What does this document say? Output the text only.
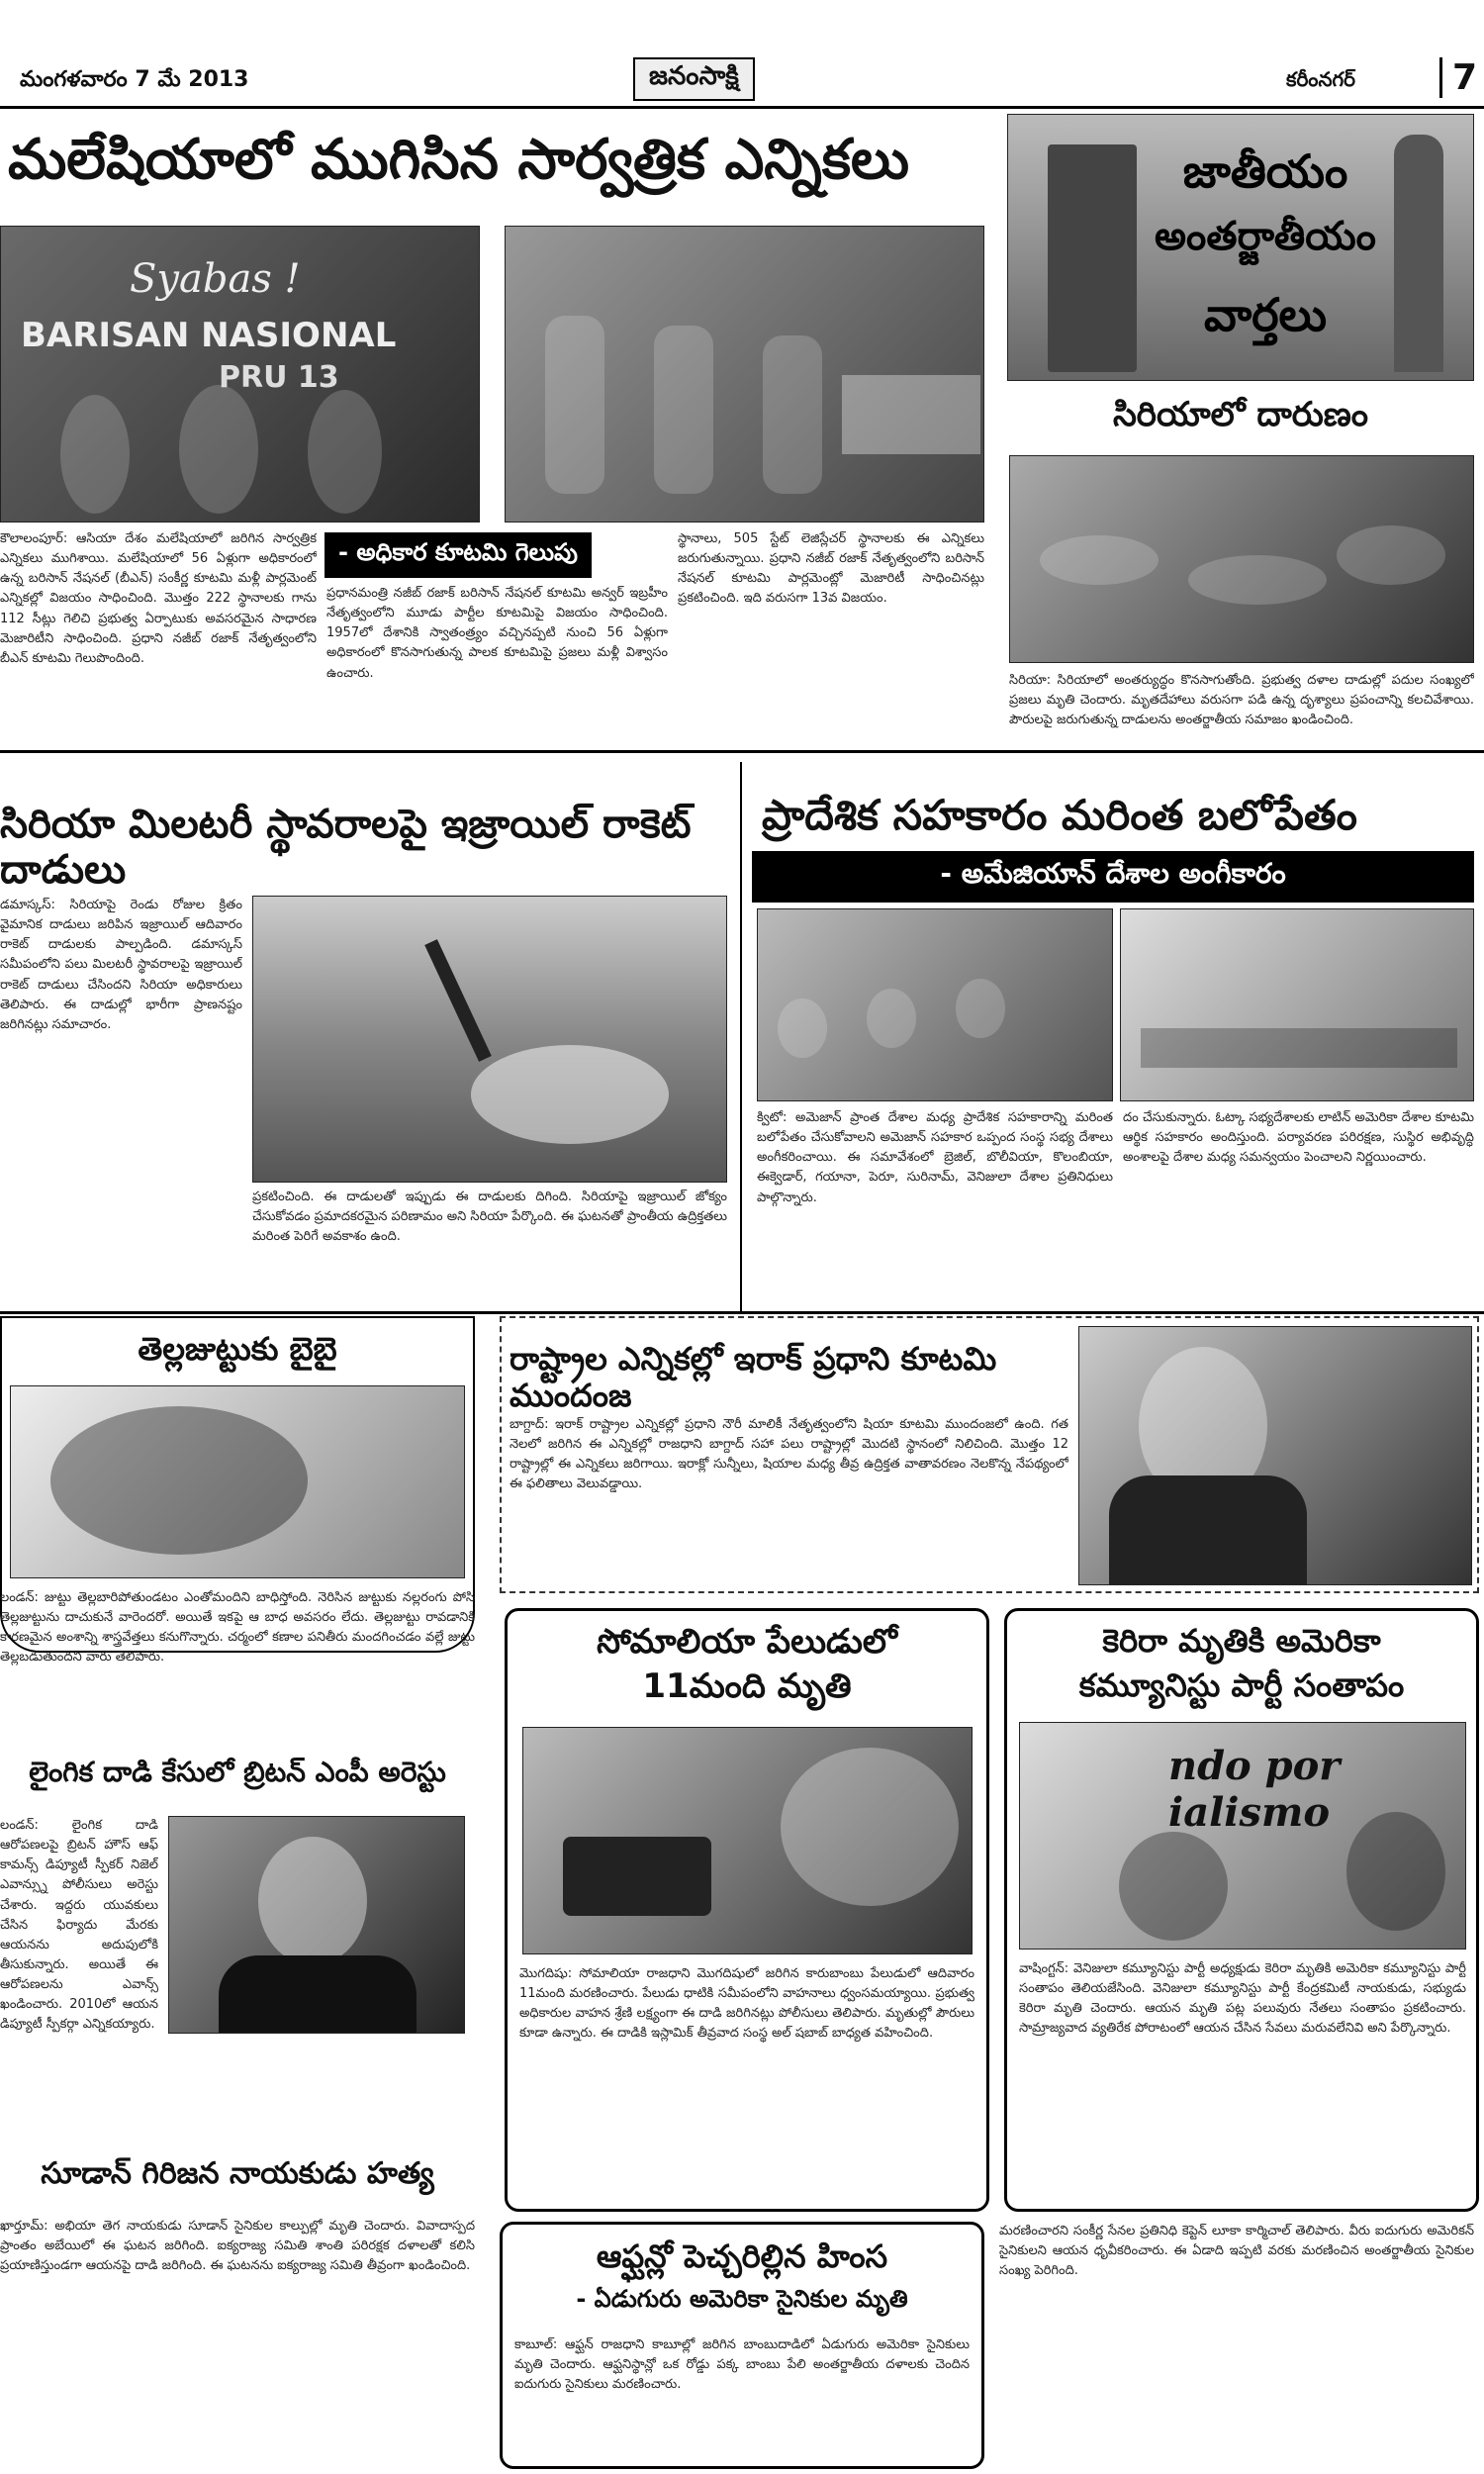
మంగళవారం 7 మే 2013	జనంసాక్షి	కరీంనగర్	7
మలేషియాలో ముగిసిన సార్వత్రిక ఎన్నికలు	జాతీయం
అంతర్జాతీయం
వార్తలు
Syabas !
BARISAN NASIONAL
PRU 13
- అధికార కూటమి గెలుపు
కౌలాలంపూర్: ఆసియా దేశం మలేషియాలో జరిగిన సార్వత్రిక ఎన్నికలు ముగిశాయి. మలేషియాలో 56 ఏళ్లుగా అధికారంలో ఉన్న బరిసాన్ నేషనల్ (బీఎన్) సంకీర్ణ కూటమి మళ్లీ పార్లమెంట్ ఎన్నికల్లో విజయం సాధించింది. మొత్తం 222 స్థానాలకు గాను 112 సీట్లు గెలిచి ప్రభుత్వ ఏర్పాటుకు అవసరమైన సాధారణ మెజారిటీని సాధించింది. ప్రధాని నజీబ్ రజాక్ నేతృత్వంలోని బీఎన్ కూటమి గెలుపొందింది.
ప్రధానమంత్రి నజీబ్ రజాక్ బరిసాన్ నేషనల్ కూటమి అన్వర్ ఇబ్రహీం నేతృత్వంలోని మూడు పార్టీల కూటమిపై విజయం సాధించింది. 1957లో దేశానికి స్వాతంత్ర్యం వచ్చినప్పటి నుంచి 56 ఏళ్లుగా అధికారంలో కొనసాగుతున్న పాలక కూటమిపై ప్రజలు మళ్లీ విశ్వాసం ఉంచారు.
స్థానాలు, 505 స్టేట్ లెజిస్లేచర్ స్థానాలకు ఈ ఎన్నికలు జరుగుతున్నాయి. ప్రధాని నజీబ్ రజాక్ నేతృత్వంలోని బరిసాన్ నేషనల్ కూటమి పార్లమెంట్లో మెజారిటీ సాధించినట్లు ప్రకటించింది. ఇది వరుసగా 13వ విజయం.
సిరియాలో దారుణం
సిరియా: సిరియాలో అంతర్యుద్ధం కొనసాగుతోంది. ప్రభుత్వ దళాల దాడుల్లో పదుల సంఖ్యలో ప్రజలు మృతి చెందారు. మృతదేహాలు వరుసగా పడి ఉన్న దృశ్యాలు ప్రపంచాన్ని కలచివేశాయి. పౌరులపై జరుగుతున్న దాడులను అంతర్జాతీయ సమాజం ఖండించింది.
సిరియా మిలటరీ స్థావరాలపై ఇజ్రాయిల్ రాకెట్ దాడులు
డమాస్కస్: సిరియాపై రెండు రోజుల క్రితం వైమానిక దాడులు జరిపిన ఇజ్రాయిల్ ఆదివారం రాకెట్ దాడులకు పాల్పడింది. డమాస్కస్ సమీపంలోని పలు మిలటరీ స్థావరాలపై ఇజ్రాయిల్ రాకెట్ దాడులు చేసిందని సిరియా అధికారులు తెలిపారు. ఈ దాడుల్లో భారీగా ప్రాణనష్టం జరిగినట్లు సమాచారం.
ప్రకటించింది. ఈ దాడులతో ఇప్పుడు ఈ దాడులకు దిగింది. సిరియాపై ఇజ్రాయిల్ జోక్యం చేసుకోవడం ప్రమాదకరమైన పరిణామం అని సిరియా పేర్కొంది. ఈ ఘటనతో ప్రాంతీయ ఉద్రిక్తతలు మరింత పెరిగే అవకాశం ఉంది.
ప్రాదేశిక సహకారం మరింత బలోపేతం
- అమేజియాన్ దేశాల అంగీకారం
క్విటో: అమెజాన్ ప్రాంత దేశాల మధ్య ప్రాదేశిక సహకారాన్ని మరింత బలోపేతం చేసుకోవాలని అమెజాన్ సహకార ఒప్పంద సంస్థ సభ్య దేశాలు అంగీకరించాయి. ఈ సమావేశంలో బ్రెజిల్, బొలీవియా, కొలంబియా, ఈక్వెడార్, గయానా, పెరూ, సురినామ్, వెనిజులా దేశాల ప్రతినిధులు పాల్గొన్నారు.
దం చేసుకున్నారు. ఓట్కా సభ్యదేశాలకు లాటిన్ అమెరికా దేశాల కూటమి ఆర్థిక సహకారం అందిస్తుంది. పర్యావరణ పరిరక్షణ, సుస్థిర అభివృద్ధి అంశాలపై దేశాల మధ్య సమన్వయం పెంచాలని నిర్ణయించారు.
తెల్లజుట్టుకు బైబై
లండన్: జుట్టు తెల్లబారిపోతుండటం ఎంతోమందిని బాధిస్తోంది. నెరిసిన జుట్టుకు నల్లరంగు పోసి తెల్లజుట్టును దాచుకునే వారెందరో. అయితే ఇకపై ఆ బాధ అవసరం లేదు. తెల్లజుట్టు రావడానికి కారణమైన అంశాన్ని శాస్త్రవేత్తలు కనుగొన్నారు. చర్మంలో కణాల పనితీరు మందగించడం వల్లే జుట్టు తెల్లబడుతుందని వారు తెలిపారు.
రాష్ట్రాల ఎన్నికల్లో ఇరాక్ ప్రధాని కూటమి ముందంజ
బాగ్దాద్: ఇరాక్ రాష్ట్రాల ఎన్నికల్లో ప్రధాని నౌరీ మాలికీ నేతృత్వంలోని షియా కూటమి ముందంజలో ఉంది. గత నెలలో జరిగిన ఈ ఎన్నికల్లో రాజధాని బాగ్దాద్ సహా పలు రాష్ట్రాల్లో మొదటి స్థానంలో నిలిచింది. మొత్తం 12 రాష్ట్రాల్లో ఈ ఎన్నికలు జరిగాయి. ఇరాక్లో సున్నీలు, షియాల మధ్య తీవ్ర ఉద్రిక్తత వాతావరణం నెలకొన్న నేపథ్యంలో ఈ ఫలితాలు వెలువడ్డాయి.
లైంగిక దాడి కేసులో బ్రిటన్ ఎంపీ అరెస్టు
లండన్: లైంగిక దాడి ఆరోపణలపై బ్రిటన్ హౌస్ ఆఫ్ కామన్స్ డిప్యూటీ స్పీకర్ నిజెల్ ఎవాన్స్ను పోలీసులు అరెస్టు చేశారు. ఇద్దరు యువకులు చేసిన ఫిర్యాదు మేరకు ఆయనను అదుపులోకి తీసుకున్నారు. అయితే ఈ ఆరోపణలను ఎవాన్స్ ఖండించారు. 2010లో ఆయన డిప్యూటీ స్పీకర్గా ఎన్నికయ్యారు.
సూడాన్ గిరిజన నాయకుడు హత్య
ఖార్తూమ్: అభియా తెగ నాయకుడు సూడాన్ సైనికుల కాల్పుల్లో మృతి చెందారు. వివాదాస్పద ప్రాంతం అబేయిలో ఈ ఘటన జరిగింది. ఐక్యరాజ్య సమితి శాంతి పరిరక్షక దళాలతో కలిసి ప్రయాణిస్తుండగా ఆయనపై దాడి జరిగింది. ఈ ఘటనను ఐక్యరాజ్య సమితి తీవ్రంగా ఖండించింది.
సోమాలియా పేలుడులో
11మంది మృతి
మొగదిషు: సోమాలియా రాజధాని మొగదిషులో జరిగిన కారుబాంబు పేలుడులో ఆదివారం 11మంది మరణించారు. పేలుడు ధాటికి సమీపంలోని వాహనాలు ధ్వంసమయ్యాయి. ప్రభుత్వ అధికారుల వాహన శ్రేణి లక్ష్యంగా ఈ దాడి జరిగినట్లు పోలీసులు తెలిపారు. మృతుల్లో పౌరులు కూడా ఉన్నారు. ఈ దాడికి ఇస్లామిక్ తీవ్రవాద సంస్థ అల్ షబాబ్ బాధ్యత వహించింది.
కెరిరా మృతికి అమెరికా
కమ్యూనిస్టు పార్టీ సంతాపం
ndo por ialismo
వాషింగ్టన్: వెనిజులా కమ్యూనిస్టు పార్టీ అధ్యక్షుడు కెరిరా మృతికి అమెరికా కమ్యూనిస్టు పార్టీ సంతాపం తెలియజేసింది. వెనిజులా కమ్యూనిస్టు పార్టీ కేంద్రకమిటీ నాయకుడు, సభ్యుడు కెరిరా మృతి చెందారు. ఆయన మృతి పట్ల పలువురు నేతలు సంతాపం ప్రకటించారు. సామ్రాజ్యవాద వ్యతిరేక పోరాటంలో ఆయన చేసిన సేవలు మరువలేనివి అని పేర్కొన్నారు.
ఆఫ్ఘన్లో పెచ్చరిల్లిన హింస
- ఏడుగురు అమెరికా సైనికుల మృతి
కాబూల్: ఆఫ్ఘన్ రాజధాని కాబూల్లో జరిగిన బాంబుదాడిలో ఏడుగురు అమెరికా సైనికులు మృతి చెందారు. ఆఫ్ఘనిస్థాన్లో ఒక రోడ్డు పక్క బాంబు పేలి అంతర్జాతీయ దళాలకు చెందిన ఐదుగురు సైనికులు మరణించారు.
మరణించారని సంకీర్ణ సేనల ప్రతినిధి కెప్టెన్ లూకా కార్మిచాల్ తెలిపారు. వీరు ఐదుగురు అమెరికన్ సైనికులని ఆయన ధృవీకరించారు. ఈ ఏడాది ఇప్పటి వరకు మరణించిన అంతర్జాతీయ సైనికుల సంఖ్య పెరిగింది.
